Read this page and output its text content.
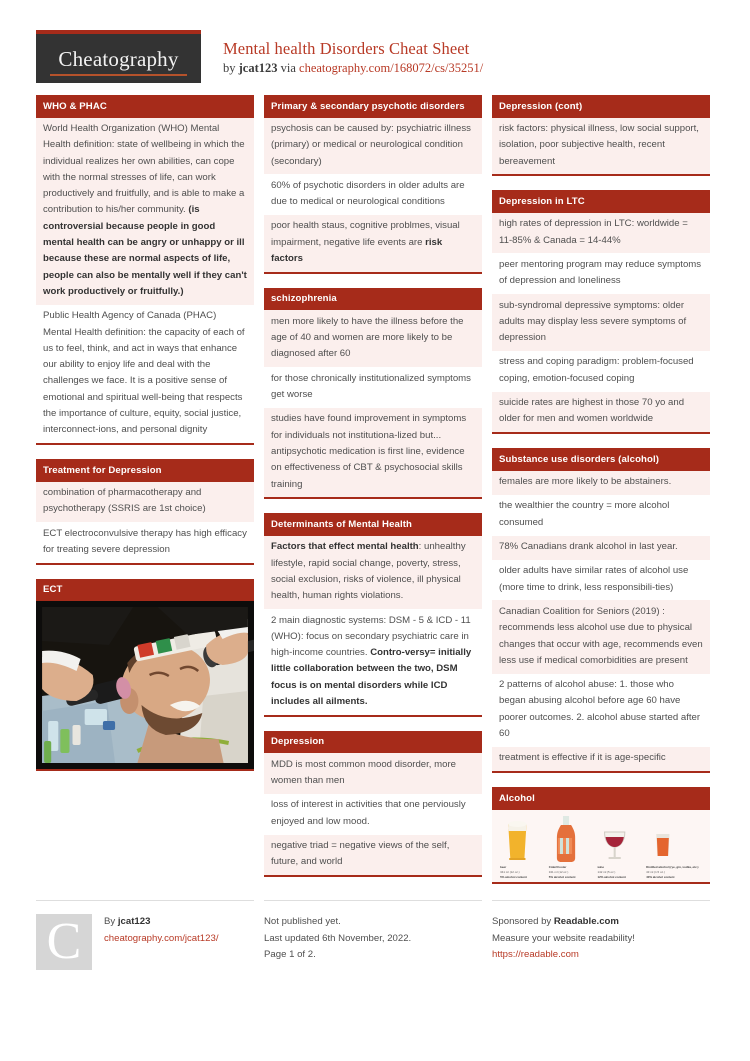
Cheatography	Mental health Disorders Cheat Sheet
by jcat123 via cheatography.com/168072/cs/35251/
WHO & PHAC
World Health Organization (WHO) Mental Health definition: state of wellbeing in which the individual realizes her own abilities, can cope with the normal stresses of life, can work productively and fruitfully, and is able to make a contribution to his/her community. (is controversial because people in good mental health can be angry or unhappy or ill because these are normal aspects of life, people can also be mentally well if they can't work productively or fruitfully.)
Public Health Agency of Canada (PHAC) Mental Health definition: the capacity of each of us to feel, think, and act in ways that enhance our ability to enjoy life and deal with the challenges we face. It is a positive sense of emotional and spiritual well-being that respects the importance of culture, equity, social justice, interconnect-ions, and personal dignity
Treatment for Depression
combination of pharmacotherapy and psychotherapy (SSRIS are 1st choice)
ECT electroconvulsive therapy has high efficacy for treating severe depression
ECT
Primary & secondary psychotic disorders
psychosis can be caused by: psychiatric illness (primary) or medical or neurological condition (secondary)
60% of psychotic disorders in older adults are due to medical or neurological conditions
poor health staus, cognitive problmes, visual impairment, negative life events are risk factors
schizophrenia
men more likely to have the illness before the age of 40 and women are more likely to be diagnosed after 60
for those chronically institutionalized symptoms get worse
studies have found improvement in symptoms for individuals not institutiona-lized but... antipsychotic medication is first line, evidence on effectiveness of CBT & psychosocial skills training
Determinants of Mental Health
Factors that effect mental health: unhealthy lifestyle, rapid social change, poverty, stress, social exclusion, risks of violence, ill physical health, human rights violations.
2 main diagnostic systems: DSM - 5 & ICD - 11 (WHO): focus on secondary psychiatric care in high-income countries. Contro-versy= initially little collaboration between the two, DSM focus is on mental disorders while ICD includes all ailments.
Depression
MDD is most common mood disorder, more women than men
loss of interest in activities that one perviously enjoyed and low mood.
negative triad = negative views of the self, future, and world
Depression (cont)
risk factors: physical illness, low social support, isolation, poor subjective health, recent bereavement
Depression in LTC
high rates of depression in LTC: worldwide = 11-85% & Canada = 14-44%
peer mentoring program may reduce symptoms of depression and loneliness
sub-syndromal depressive symptoms: older adults may display less severe symptoms of depression
stress and coping paradigm: problem-focused coping, emotion-focused coping
suicide rates are highest in those 70 yo and older for men and women worldwide
Substance use disorders (alcohol)
females are more likely to be abstainers.
the wealthier the country = more alcohol consumed
78% Canadians drank alcohol in last year.
older adults have similar rates of alcohol use (more time to drink, less responsibili-ties)
Canadian Coalition for Seniors (2019) : recommends less alcohol use due to physical changes that occur with age, recommends even less use if medical comorbidities are present
2 patterns of alcohol abuse: 1. those who began abusing alcohol before age 60 have poorer outcomes. 2. alcohol abuse started after 60
treatment is effective if it is age-specific
Alcohol
beer	Cider/Cooler	wine	Distilled alcohol (rye, gin, vodka, etc.)
341 ml (12 oz.)	341 ml (12 oz.)	142 ml (5 oz.)	43 ml (1.5 oz.)
5% alcohol content	5% alcohol content	12% alcohol content	40% alcohol content
C	By jcat123
cheatography.com/jcat123/
Not published yet.
Last updated 6th November, 2022.
Page 1 of 2.
Sponsored by Readable.com
Measure your website readability!
https://readable.com
